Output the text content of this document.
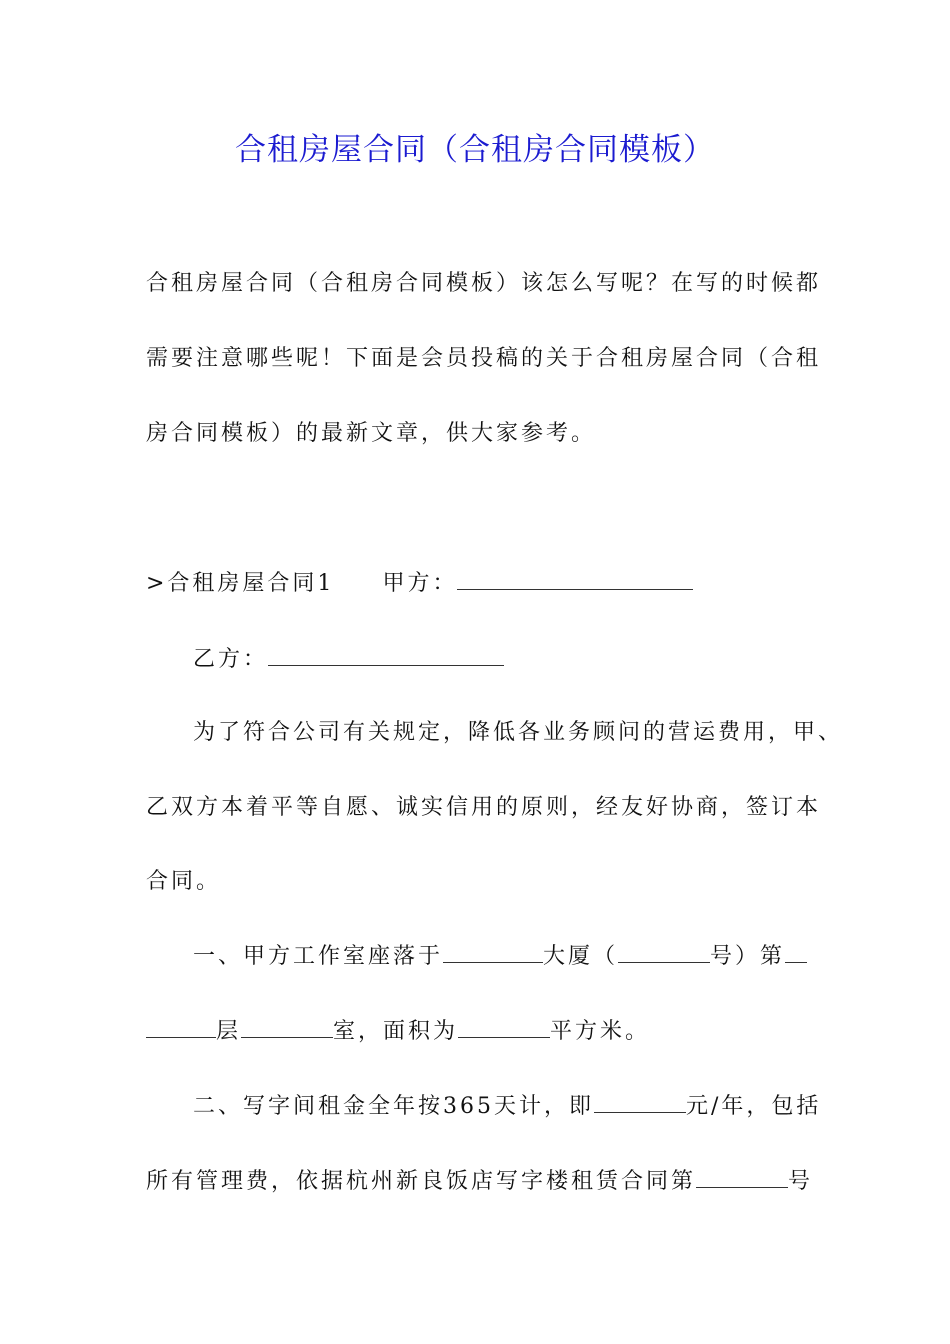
合租房屋合同（合租房合同模板）
合租房屋合同（合租房合同模板）该怎么写呢？在写的时候都
需要注意哪些呢！下面是会员投稿的关于合租房屋合同（合租
房合同模板）的最新文章，供大家参考。
>合租房屋合同1 甲方：
乙方：
为了符合公司有关规定，降低各业务顾问的营运费用，甲、
乙双方本着平等自愿、诚实信用的原则，经友好协商，签订本
合同。
一、甲方工作室座落于	大厦（	号）第
层	室，面积为	平方米。
二、写字间租金全年按365天计，即	元/年，包括
所有管理费，依据杭州新良饭店写字楼租赁合同第	号
